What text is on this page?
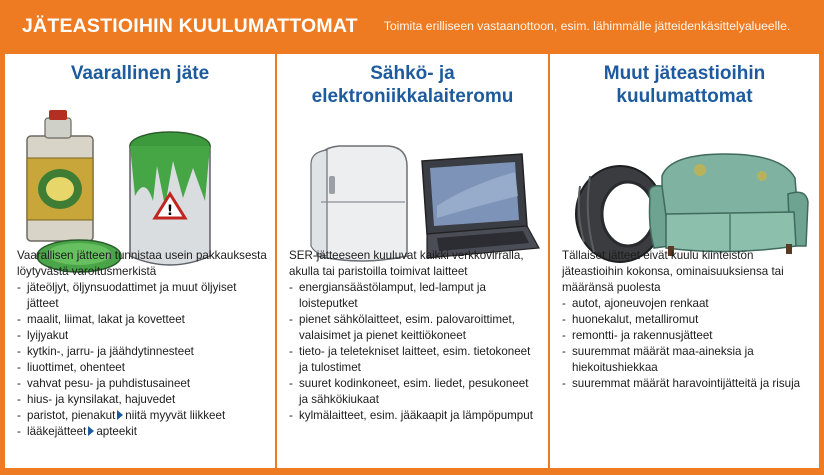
JÄTEASTIOIHIN KUULUMATTOMAT Toimita erilliseen vastaanottoon, esim. lähimmälle jätteidenkäsittelyalueelle.
Vaarallinen jäte
!

Vaarallisen jätteen tunnistaa usein pakkauksesta löytyvästä varoitusmerkistä

- jäteöljyt, öljynsuodattimet ja muut öljyiset jätteet
- maalit, liimat, lakat ja kovetteet
- lyijyakut
- kytkin-, jarru- ja jäähdytinnesteet
- liuottimet, ohenteet
- vahvat pesu- ja puhdistusaineet
- hius- ja kynsilakat, hajuvedet
- paristot, pienakut niitä myyvät liikkeet
- lääkejätteet apteekit
Sähkö- ja
elektroniikkalaiteromu

SER-jätteeseen kuuluvat kaikki verkkovirralla, akulla tai paristoilla toimivat laitteet

- energiansäästölamput, led-lamput ja loisteputket
- pienet sähkölaitteet, esim. palovaroittimet, valaisimet ja pienet keittiökoneet
- tieto- ja teletekniset laitteet, esim. tietokoneet ja tulostimet
- suuret kodinkoneet, esim. liedet, pesukoneet ja sähkökiukaat
- kylmälaitteet, esim. jääkaapit ja lämpöpumput
Muut jäteastioihin
kuulumattomat

Tällaiset jätteet eivät kuulu kiinteistön jäteastioihin kokonsa, ominaisuuksiensa tai määränsä puolesta

- autot, ajoneuvojen renkaat
- huonekalut, metalliromut
- remontti- ja rakennusjätteet
- suuremmat määrät maa-aineksia ja hiekoitushiekkaa
- suuremmat määrät haravointijätteitä ja risuja
